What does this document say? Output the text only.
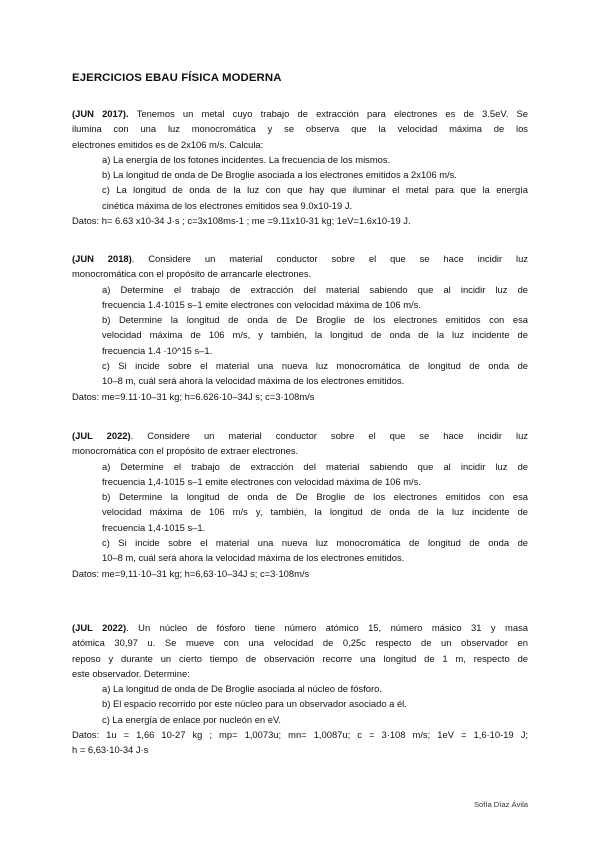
EJERCICIOS EBAU FÍSICA MODERNA

(JUN 2017). Tenemos un metal cuyo trabajo de extracción para electrones es de 3.5eV. Se

ilumina con una luz monocromática y se observa que la velocidad máxima de los

electrones emitidos es de 2x106 m/s. Calcula:

a) La energía de los fotones incidentes. La frecuencia de los mismos.

b) La longitud de onda de De Broglie asociada a los electrones emitidos a 2x106 m/s.

c) La longitud de onda de la luz con que hay que iluminar el metal para que la energía

cinética máxima de los electrones emitidos sea 9.0x10-19 J.

Datos: h= 6.63 x10-34 J·s ; c=3x108ms-1 ; me =9.11x10-31 kg; 1eV=1.6x10-19 J.

(JUN 2018). Considere un material conductor sobre el que se hace incidir luz

monocromática con el propósito de arrancarle electrones.

a) Determine el trabajo de extracción del material sabiendo que al incidir luz de

frecuencia 1.4·1015 s–1 emite electrones con velocidad máxima de 106 m/s.

b) Determine la longitud de onda de De Broglie de los electrones emitidos con esa

velocidad máxima de 106 m/s, y también, la longitud de onda de la luz incidente de

frecuencia 1.4 ·10^15 s–1.

c) Si incide sobre el material una nueva luz monocromática de longitud de onda de

10–8 m, cuál será ahora la velocidad máxima de los electrones emitidos.

Datos: me=9.11·10–31 kg; h=6.626·10–34J s; c=3·108m/s

(JUL 2022). Considere un material conductor sobre el que se hace incidir luz

monocromática con el propósito de extraer electrones.

a) Determine el trabajo de extracción del material sabiendo que al incidir luz de

frecuencia 1,4·1015 s–1 emite electrones con velocidad máxima de 106 m/s.

b) Determine la longitud de onda de De Broglie de los electrones emitidos con esa

velocidad máxima de 106 m/s y, también, la longitud de onda de la luz incidente de

frecuencia 1,4·1015 s–1.

c) Si incide sobre el material una nueva luz monocromática de longitud de onda de

10–8 m, cuál será ahora la velocidad máxima de los electrones emitidos.

Datos: me=9,11·10–31 kg; h=6,63·10–34J s; c=3·108m/s

(JUL 2022). Un núcleo de fósforo tiene número atómico 15, número másico 31 y masa

atómica 30,97 u. Se mueve con una velocidad de 0,25c respecto de un observador en

reposo y durante un cierto tiempo de observación recorre una longitud de 1 m, respecto de

este observador. Determine:

a) La longitud de onda de De Broglie asociada al núcleo de fósforo.

b) El espacio recorrido por este núcleo para un observador asociado a él.

c) La energía de enlace por nucleón en eV.

Datos: 1u = 1,66 10-27 kg ; mp= 1,0073u; mn= 1,0087u; c = 3·108 m/s; 1eV = 1,6·10-19 J;

h = 6,63·10-34 J·s

Sofía Díaz Ávila
